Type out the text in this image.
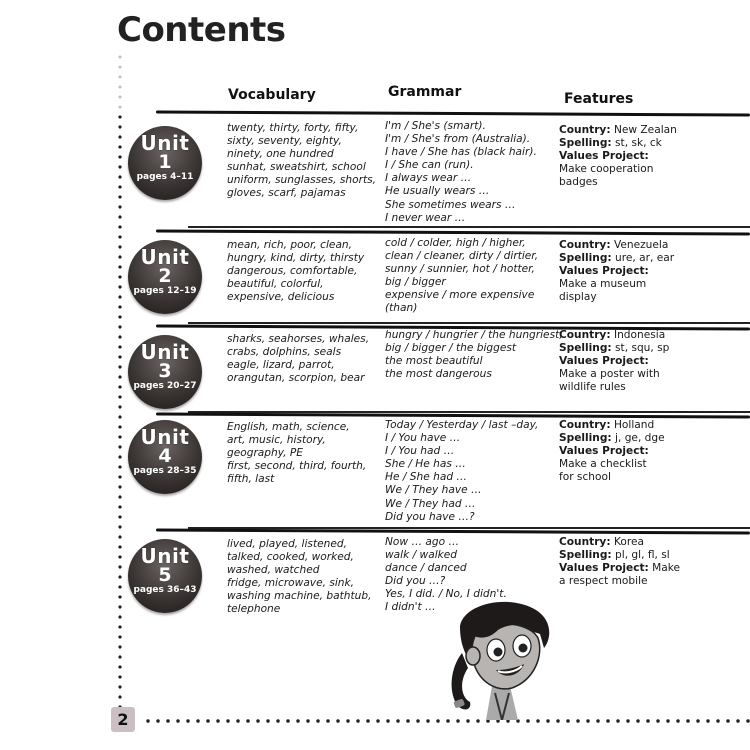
Contents
2
Vocabulary	Grammar	Features
Unit
1
pages 4–11
twenty, thirty, forty, fifty,
sixty, seventy, eighty,
ninety, one hundred
sunhat, sweatshirt, school
uniform, sunglasses, shorts,
gloves, scarf, pajamas
I'm / She's (smart).
I'm / She's from (Australia).
I have / She has (black hair).
I / She can (run).
I always wear …
He usually wears …
She sometimes wears …
I never wear …
Country: New Zealan
Spelling: st, sk, ck
Values Project:
Make cooperation
badges
Unit
2
pages 12–19
mean, rich, poor, clean,
hungry, kind, dirty, thirsty
dangerous, comfortable,
beautiful, colorful,
expensive, delicious
cold / colder, high / higher,
clean / cleaner, dirty / dirtier,
sunny / sunnier, hot / hotter,
big / bigger
expensive / more expensive
(than)
Country: Venezuela
Spelling: ure, ar, ear
Values Project:
Make a museum
display
Unit
3
pages 20–27
sharks, seahorses, whales,
crabs, dolphins, seals
eagle, lizard, parrot,
orangutan, scorpion, bear
hungry / hungrier / the hungriest,
big / bigger / the biggest
the most beautiful
the most dangerous
Country: Indonesia
Spelling: st, squ, sp
Values Project:
Make a poster with
wildlife rules
Unit
4
pages 28–35
English, math, science,
art, music, history,
geography, PE
first, second, third, fourth,
fifth, last
Today / Yesterday / last –day,
I / You have …
I / You had …
She / He has …
He / She had …
We / They have …
We / They had …
Did you have …?
Country: Holland
Spelling: j, ge, dge
Values Project:
Make a checklist
for school
Unit
5
pages 36–43
lived, played, listened,
talked, cooked, worked,
washed, watched
fridge, microwave, sink,
washing machine, bathtub,
telephone
Now … ago …
walk / walked
dance / danced
Did you …?
Yes, I did. / No, I didn't.
I didn't …
Country: Korea
Spelling: pl, gl, fl, sl
Values Project: Make
a respect mobile
